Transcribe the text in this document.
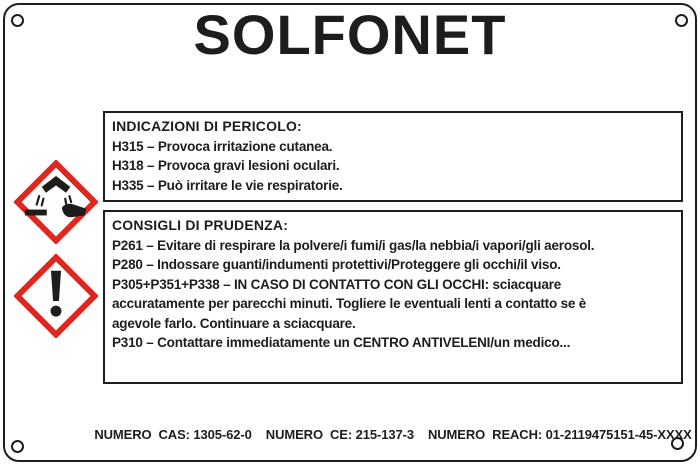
SOLFONET
INDICAZIONI DI PERICOLO:
H315 – Provoca irritazione cutanea.
H318 – Provoca gravi lesioni oculari.
H335 – Può irritare le vie respiratorie.
CONSIGLI DI PRUDENZA:
P261 – Evitare di respirare la polvere/i fumi/i gas/la nebbia/i vapori/gli aerosol.
P280 – Indossare guanti/indumenti protettivi/Proteggere gli occhi/il viso.
P305+P351+P338 – IN CASO DI CONTATTO CON GLI OCCHI: sciacquare
accuratamente per parecchi minuti. Togliere le eventuali lenti a contatto se è
agevole farlo. Continuare a sciacquare.
P310 – Contattare immediatamente un CENTRO ANTIVELENI/un medico...
NUMERO  CAS: 1305-62-0 NUMERO  CE: 215-137-3 NUMERO  REACH: 01-2119475151-45-XXXX
